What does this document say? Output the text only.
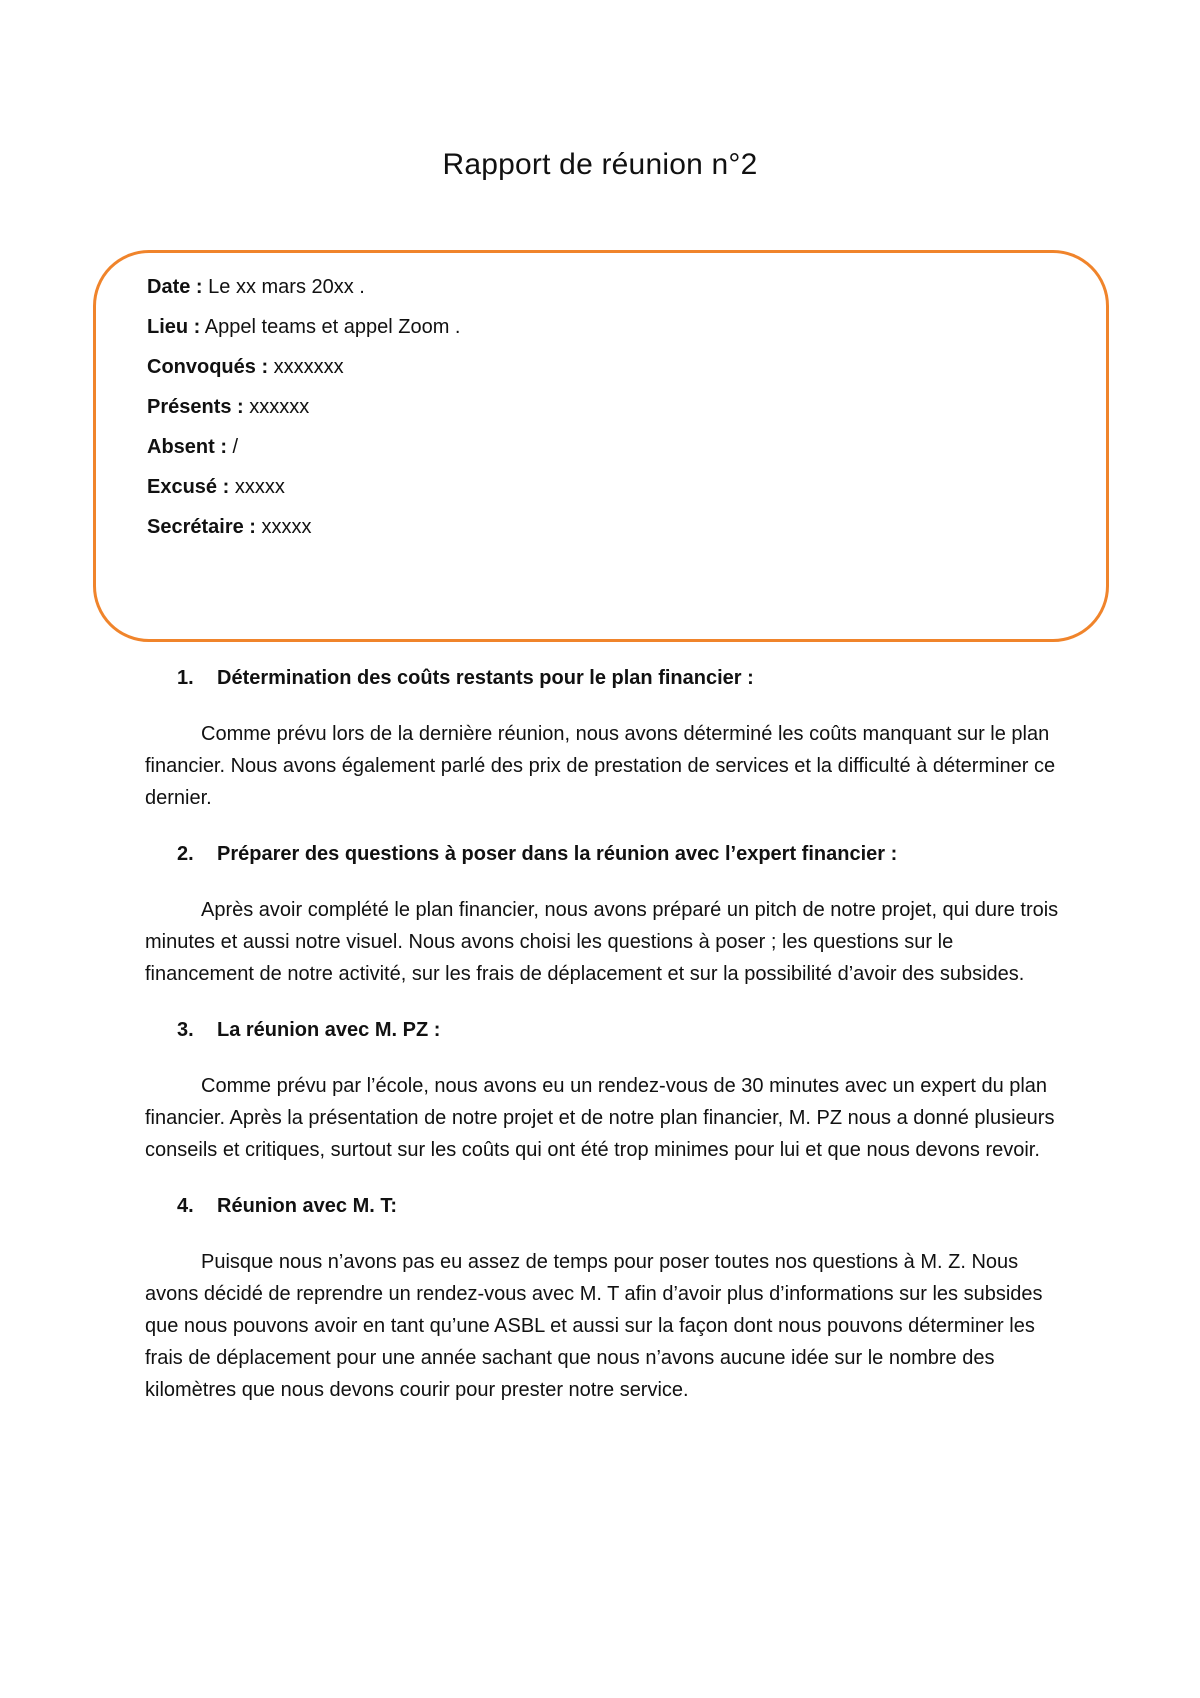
Rapport de réunion n°2
Date : Le xx mars 20xx .
Lieu : Appel teams et appel Zoom .
Convoqués : xxxxxxx
Présents : xxxxxx
Absent : /
Excusé : xxxxx
Secrétaire : xxxxx
1. Détermination des coûts restants pour le plan financier :

Comme prévu lors de la dernière réunion, nous avons déterminé les coûts manquant sur le plan financier. Nous avons également parlé des prix de prestation de services et la difficulté à déterminer ce dernier.

2. Préparer des questions à poser dans la réunion avec l’expert financier :

Après avoir complété le plan financier, nous avons préparé un pitch de notre projet, qui dure trois minutes et aussi notre visuel. Nous avons choisi les questions à poser ; les questions sur le financement de notre activité, sur les frais de déplacement et sur la possibilité d’avoir des subsides.

3. La réunion avec M. PZ :

Comme prévu par l’école, nous avons eu un rendez-vous de 30 minutes avec un expert du plan financier. Après la présentation de notre projet et de notre plan financier, M. PZ nous a donné plusieurs conseils et critiques, surtout sur les coûts qui ont été trop minimes pour lui et que nous devons revoir.

4. Réunion avec M. T:

Puisque nous n’avons pas eu assez de temps pour poser toutes nos questions à M. Z. Nous avons décidé de reprendre un rendez-vous avec M. T afin d’avoir plus d’informations sur les subsides que nous pouvons avoir en tant qu’une ASBL et aussi sur la façon dont nous pouvons déterminer les frais de déplacement pour une année sachant que nous n’avons aucune idée sur le nombre des kilomètres que nous devons courir pour prester notre service.
